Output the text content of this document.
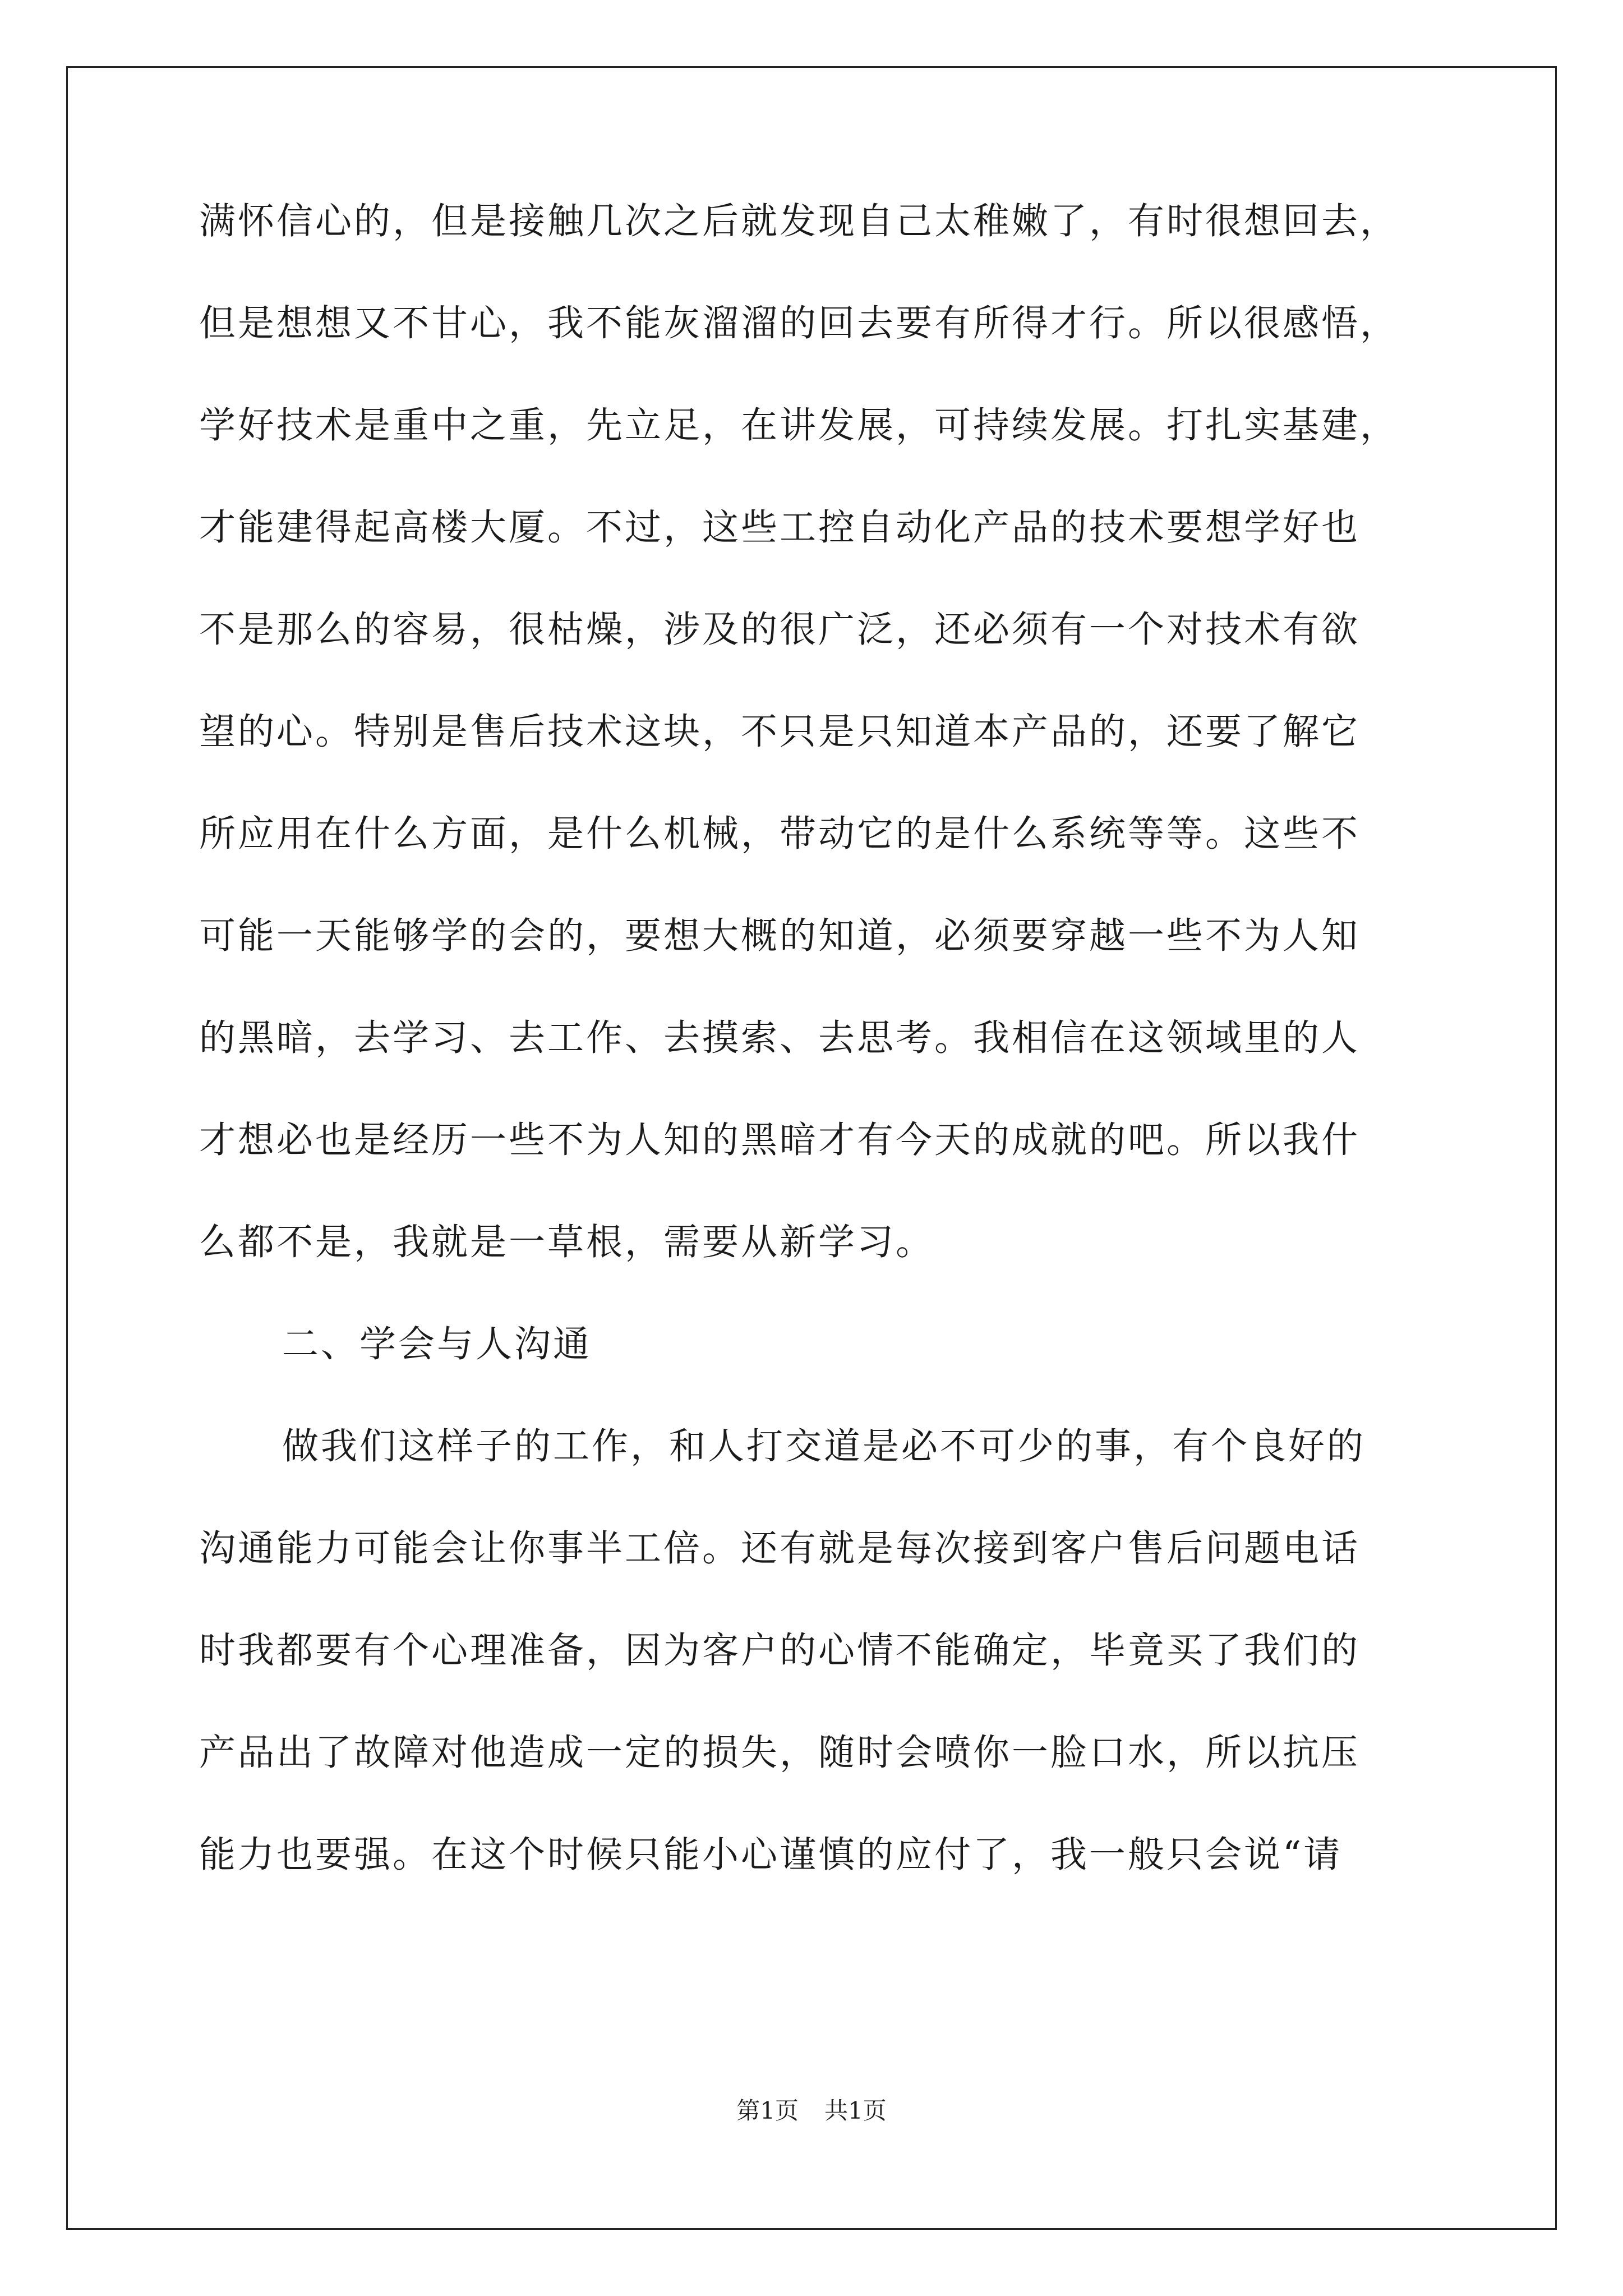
满怀信心的，但是接触几次之后就发现自己太稚嫩了，有时很想回去，
但是想想又不甘心，我不能灰溜溜的回去要有所得才行。所以很感悟，
学好技术是重中之重，先立足，在讲发展，可持续发展。打扎实基建，
才能建得起高楼大厦。不过，这些工控自动化产品的技术要想学好也
不是那么的容易，很枯燥，涉及的很广泛，还必须有一个对技术有欲
望的心。特别是售后技术这块，不只是只知道本产品的，还要了解它
所应用在什么方面，是什么机械，带动它的是什么系统等等。这些不
可能一天能够学的会的，要想大概的知道，必须要穿越一些不为人知
的黑暗，去学习、去工作、去摸索、去思考。我相信在这领域里的人
才想必也是经历一些不为人知的黑暗才有今天的成就的吧。所以我什
么都不是，我就是一草根，需要从新学习。
二、学会与人沟通
做我们这样子的工作，和人打交道是必不可少的事，有个良好的
沟通能力可能会让你事半工倍。还有就是每次接到客户售后问题电话
时我都要有个心理准备，因为客户的心情不能确定，毕竟买了我们的
产品出了故障对他造成一定的损失，随时会喷你一脸口水，所以抗压
能力也要强。在这个时候只能小心谨慎的应付了，我一般只会说“请
第1页 共1页
